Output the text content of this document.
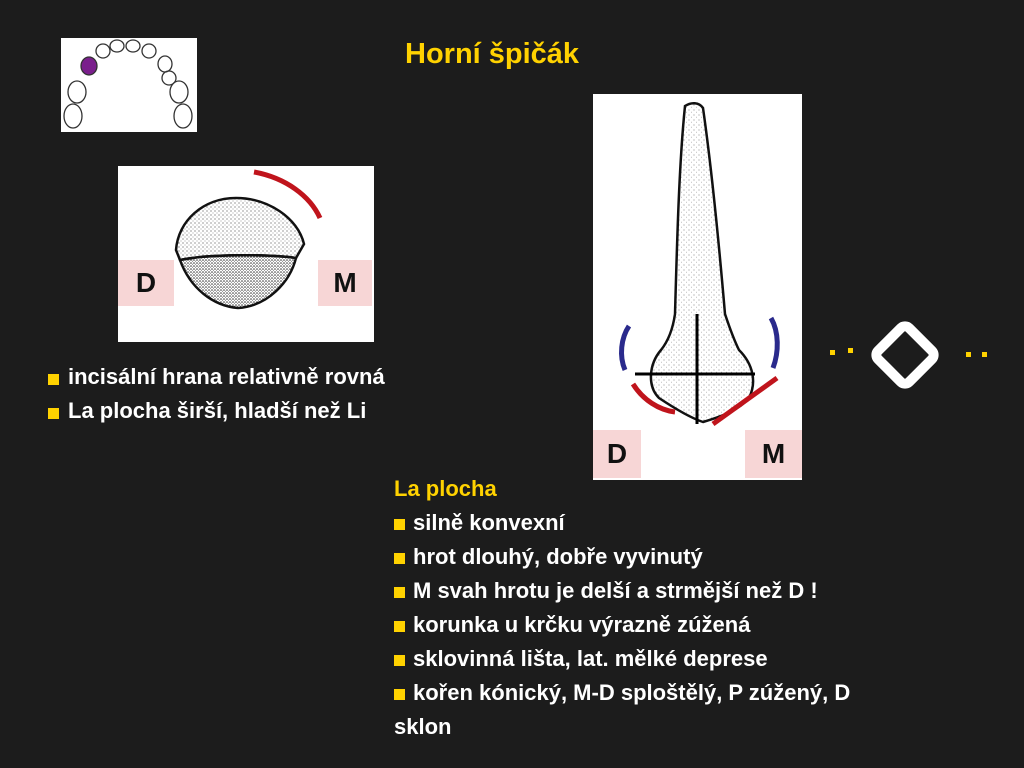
Horní špičák
D	M
incisální hrana relativně rovná
La plocha širší, hladší než Li
D	M
La plocha
silně konvexní
hrot dlouhý, dobře vyvinutý
M svah hrotu je delší a strmější než D !
korunka u krčku výrazně zúžená
sklovinná lišta, lat. mělké deprese
kořen kónický, M-D sploštělý, P zúžený, D sklon
